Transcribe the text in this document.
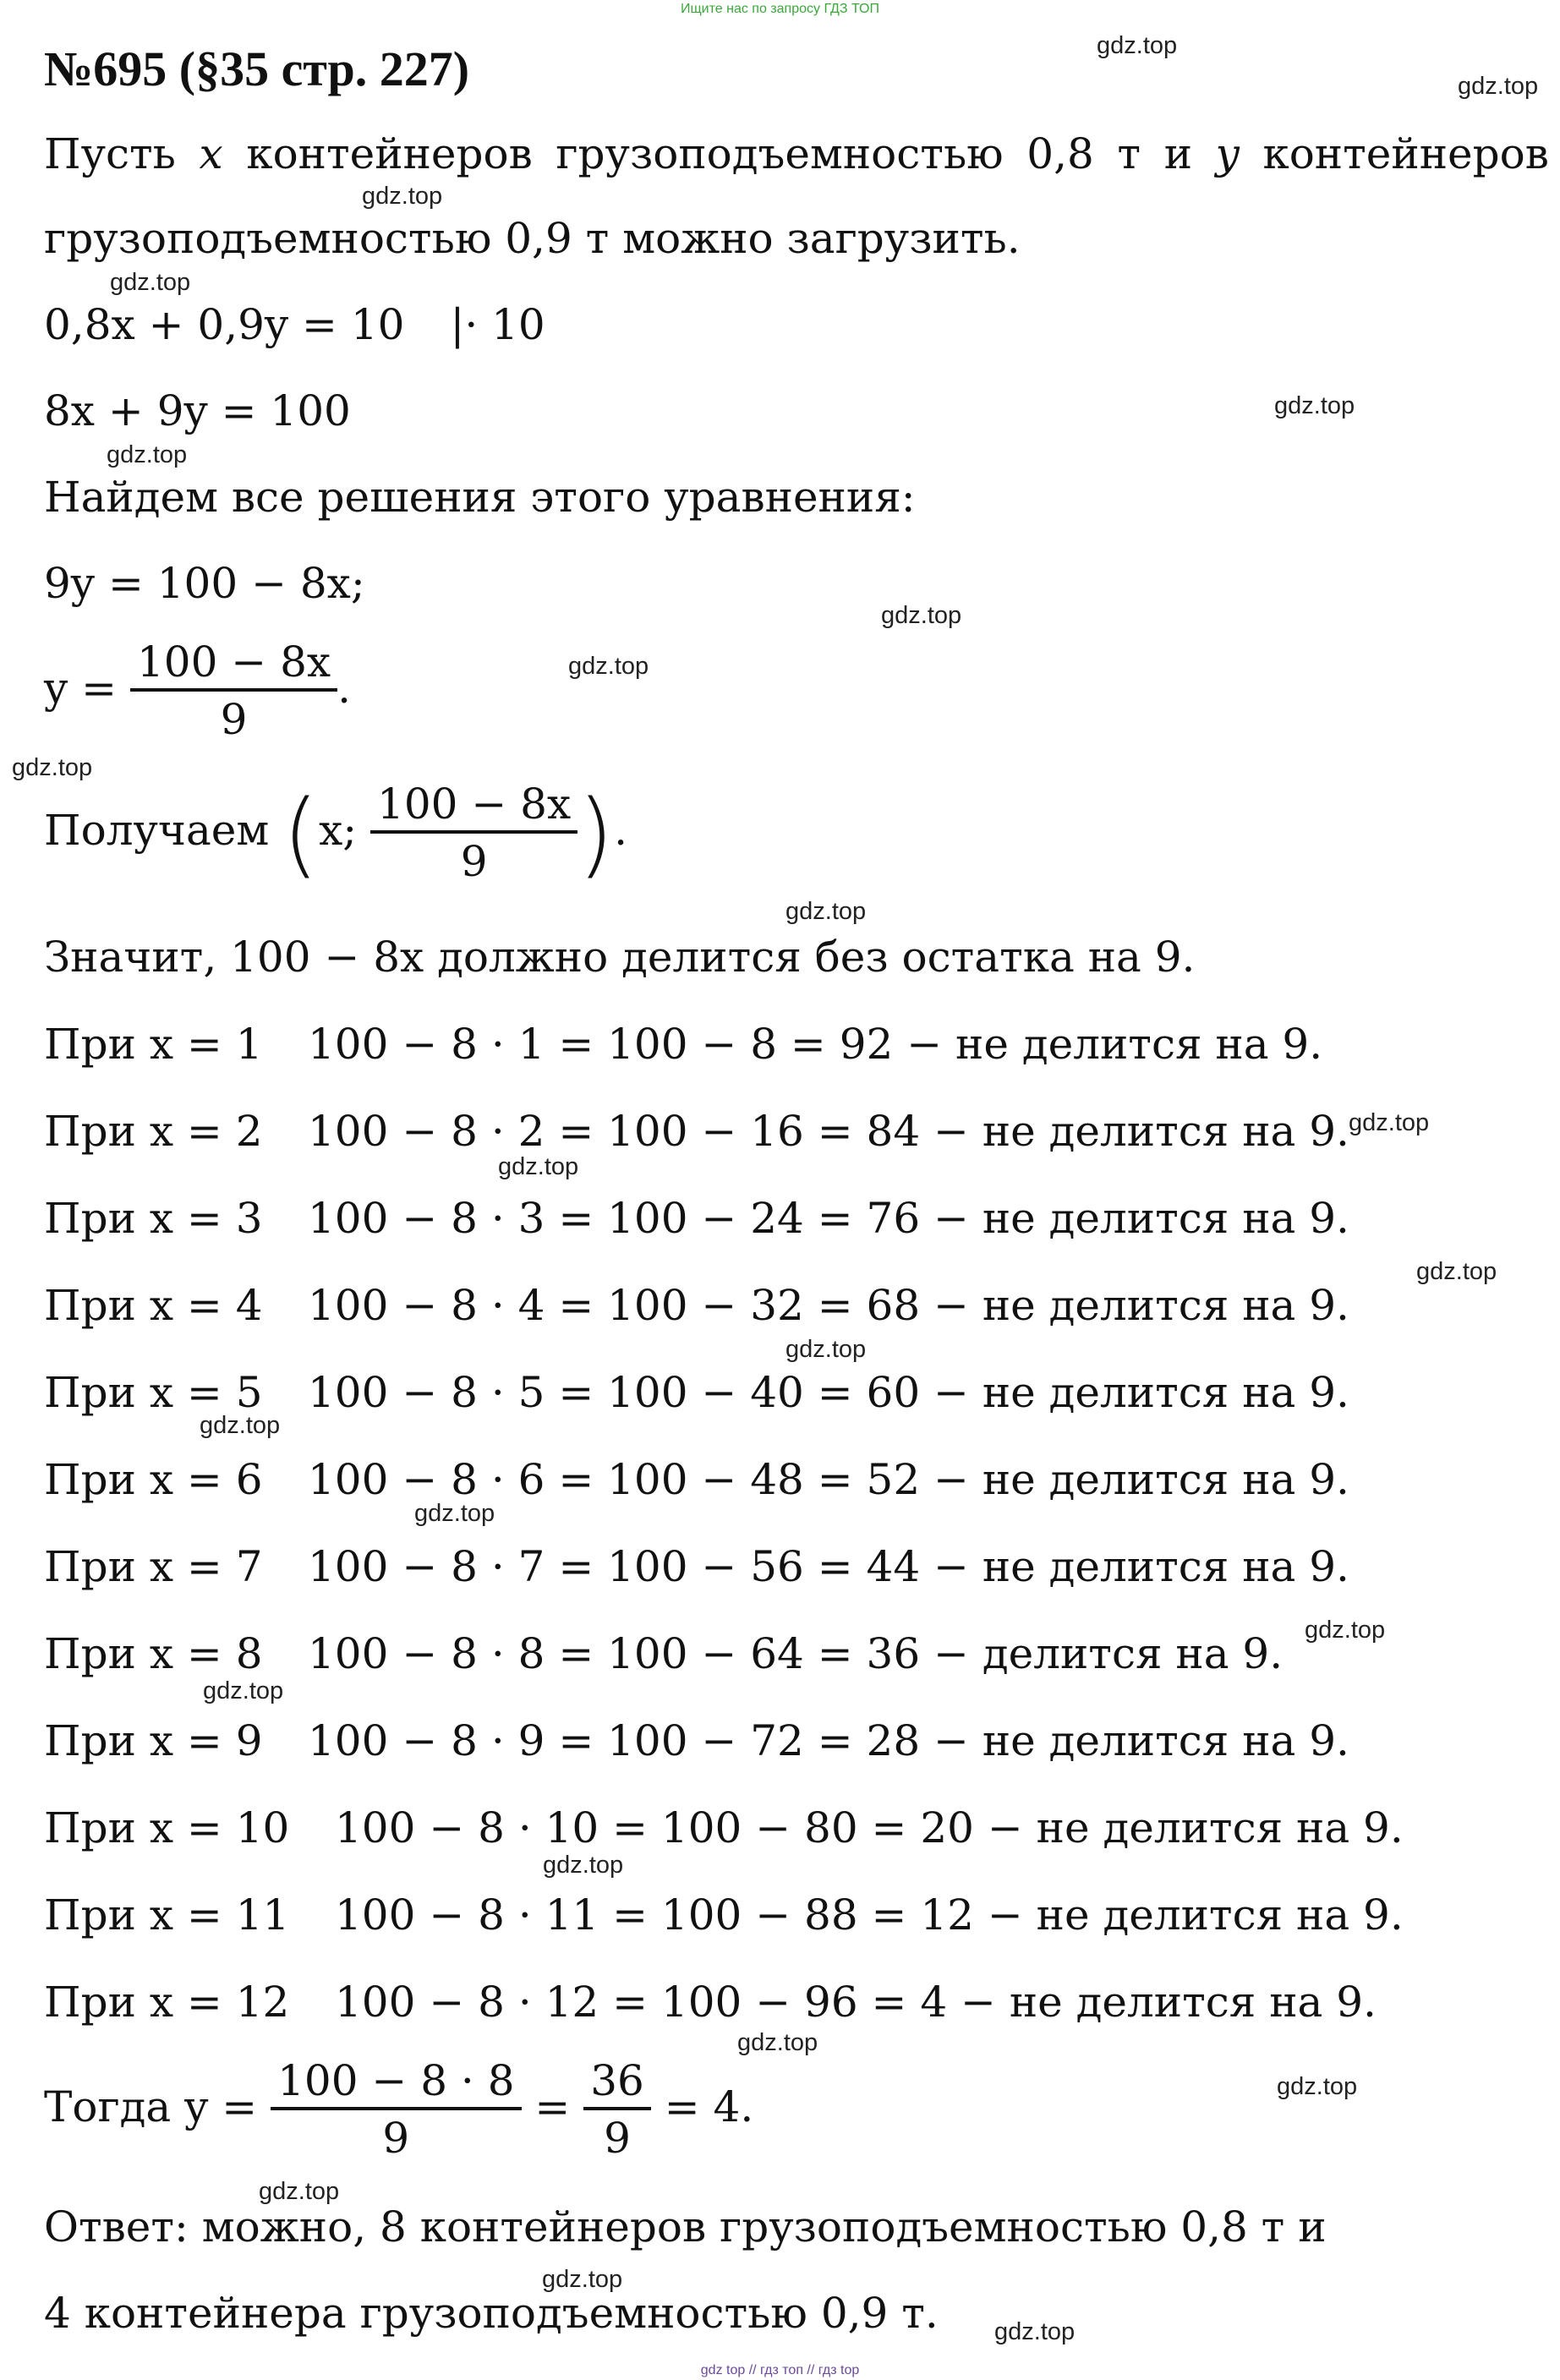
Ищите нас по запросу ГДЗ ТОП
№695 (§35 стр. 227)
Пусть x контейнеров грузоподъемностью 0,8 т и y контейнеров
грузоподъемностью 0,9 т можно загрузить.
0,8x + 0,9y = 10 |· 10
8x + 9y = 100
Найдем все решения этого уравнения:
9y = 100 − 8x;
$y = \frac{100 - 8x}{9}$ .
Получаем (x; $\frac{100 - 8x}{9}$ ).
Значит, 100 − 8x должно делится без остатка на 9.
При x = 1 100 − 8 · 1 = 100 − 8 = 92 − не делится на 9.
При x = 2 100 − 8 · 2 = 100 − 16 = 84 − не делится на 9.
При x = 3 100 − 8 · 3 = 100 − 24 = 76 − не делится на 9.
При x = 4 100 − 8 · 4 = 100 − 32 = 68 − не делится на 9.
При x = 5 100 − 8 · 5 = 100 − 40 = 60 − не делится на 9.
При x = 6 100 − 8 · 6 = 100 − 48 = 52 − не делится на 9.
При x = 7 100 − 8 · 7 = 100 − 56 = 44 − не делится на 9.
При x = 8 100 − 8 · 8 = 100 − 64 = 36 − делится на 9.
При x = 9 100 − 8 · 9 = 100 − 72 = 28 − не делится на 9.
При x = 10 100 − 8 · 10 = 100 − 80 = 20 − не делится на 9.
При x = 11 100 − 8 · 11 = 100 − 88 = 12 − не делится на 9.
При x = 12 100 − 8 · 12 = 100 − 96 = 4 − не делится на 9.
Тогда $y = \frac{100 - 8 \cdot 8}{9} = \frac{36}{9} = 4$.
Ответ: можно, 8 контейнеров грузоподъемностью 0,8 т и
4 контейнера грузоподъемностью 0,9 т.
gdz.top
gdz.top
gdz.top
gdz.top
gdz.top
gdz.top
gdz.top
gdz.top
gdz.top
gdz.top
gdz.top
gdz.top
gdz.top
gdz.top
gdz.top
gdz.top
gdz.top
gdz.top
gdz.top
gdz.top
gdz.top
gdz.top
gdz.top
gdz.top
gdz top // гдз топ // гдз top
